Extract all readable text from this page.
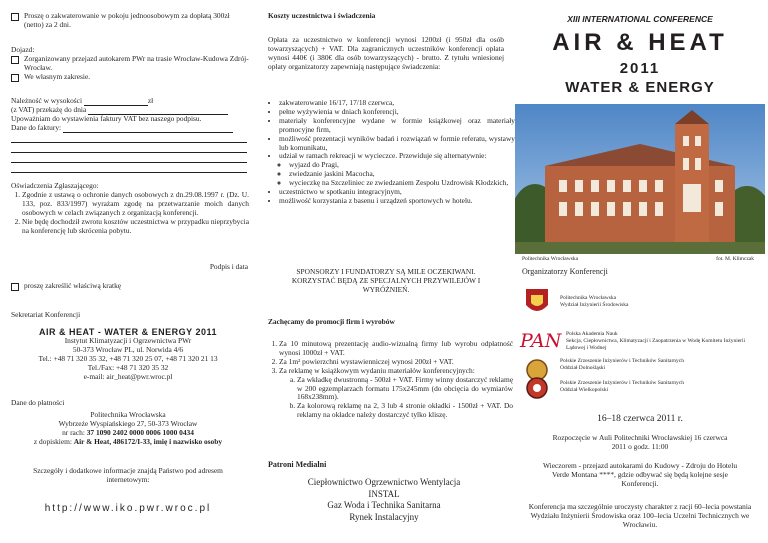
Proszę o zakwaterowanie w pokoju jednoosobowym za dopłatą 300zł (netto) za 2 dni.
Dojazd:
Zorganizowany przejazd autokarem PWr na trasie Wrocław-Kudowa Zdrój-Wrocław.
We własnym zakresie.
Należność w wysokości	zł
(z VAT) przekażę do dnia
Upoważniam do wystawienia faktury VAT bez naszego podpisu.
Dane do faktury:
Oświadczenia Zgłaszającego:
1. Zgodnie z ustawą o ochronie danych osobowych z dn.29.08.1997 r. (Dz. U. 133, poz. 833/1997) wyrażam zgodę na przetwarzanie moich danych osobowych w celach związanych z organizacją konferencji.
2. Nie będę dochodził zwrotu kosztów uczestnictwa w przypadku nieprzybycia na konferencję lub skrócenia pobytu.
Podpis i data
proszę zakreślić właściwą kratkę
Sekretariat Konferencji
AIR & HEAT - WATER & ENERGY 2011
Instytut Klimatyzacji i Ogrzewnictwa PWr
50-373 Wrocław PL, ul. Norwida 4/6
Tel.: +48 71 320 35 32, +48 71 320 25 07, +48 71 320 21 13
Tel./Fax: +48 71 320 35 32
e-mail: air_heat@pwr.wroc.pl
Dane do płatności
Politechnika Wrocławska
Wybrzeże Wyspiańskiego 27, 50-373 Wrocław
nr rach: 37 1090 2402 0000 0006 1000 0434
z dopiskiem: Air & Heat, 486172/I-33, imię i nazwisko osoby
Szczegóły i dodatkowe informacje znajdą Państwo pod adresem internetowym:
http://www.iko.pwr.wroc.pl
Koszty uczestnictwa i świadczenia
Opłata za uczestnictwo w konferencji wynosi 1200zł (i 950zł dla osób towarzyszących) + VAT. Dla zagranicznych uczestników konferencji opłata wynosi 440€ (i 380€ dla osób towarzyszących) - brutto. Z tytułu wniesionej opłaty organizatorzy zapewniają następujące świadczenia:
• zakwaterowanie 16/17, 17/18 czerwca,
• pełne wyżywienia w dniach konferencji,
• materiały konferencyjne wydane w formie książkowej oraz materiały promocyjne firm,
• możliwość prezentacji wyników badań i rozwiązań w formie referatu, wystawy lub komunikatu,
• udział w ramach rekreacji w wycieczce. Przewiduje się alternatywnie:
◦ wyjazd do Pragi,
◦ zwiedzanie jaskini Macocha,
◦ wycieczkę na Szczeliniec ze zwiedzaniem Zespołu Uzdrowisk Kłodzkich,
• uczestnictwo w spotkaniu integracyjnym,
• możliwość korzystania z basenu i urządzeń sportowych w hotelu.
SPONSORZY I FUNDATORZY SĄ MILE OCZEKIWANI. KORZYSTAĆ BĘDĄ ZE SPECJALNYCH PRZYWILEJÓW I WYRÓŻNIEŃ.
Zachęcamy do promocji firm i wyrobów
1. Za 10 minutową prezentację audio-wizualną firmy lub wyrobu odpłatność wynosi 1000zł + VAT.
2. Za 1m² powierzchni wystawienniczej wynosi 200zł + VAT.
3. Za reklamę w książkowym wydaniu materiałów konferencyjnych:
a. Za wkładkę dwustronną - 500zł + VAT. Firmy winny dostarczyć reklamę w 200 egzemplarzach formatu 175x245mm (do obcięcia do wymiarów 168x238mm).
b. Za kolorową reklamę na 2, 3 lub 4 stronie okładki - 1500zł + VAT. Do reklamy na okładce należy dostarczyć tylko kliszę.
Patroni Medialni
Ciepłownictwo Ogrzewnictwo Wentylacja
INSTAL
Gaz Woda i Technika Sanitarna
Rynek Instalacyjny
XIII INTERNATIONAL CONFERENCE
AIR & HEAT
2011
WATER & ENERGY
Politechnika Wrocławska	fot. M. Klimczak
Organizatorzy Konferencji
Politechnika Wrocławska
Wydział Inżynierii Środowiska
PAN Polska Akademia Nauk
Sekcja, Ciepłownictwa, Klimatyzacji i Zaopatrzenia w Wodę Komitetu Inżynierii Lądowej i Wodnej
Polskie Zrzeszenie Inżynierów i Techników Sanitarnych
Oddział Dolnośląski
Polskie Zrzeszenie Inżynierów i Techników Sanitarnych
Oddział Wielkopolski
16–18 czerwca 2011 r.
Rozpoczęcie w Auli Politechniki Wrocławskiej 16 czerwca 2011 o godz. 11:00
Wieczorem - przejazd autokarami do Kudowy - Zdroju do Hotelu Verde Montana ****, gdzie odbywać się będą kolejne sesje Konferencji.
Konferencja ma szczególnie uroczysty charakter z racji 60–lecia powstania Wydziału Inżynierii Środowiska oraz 100–lecia Uczelni Technicznych we Wrocławiu.
